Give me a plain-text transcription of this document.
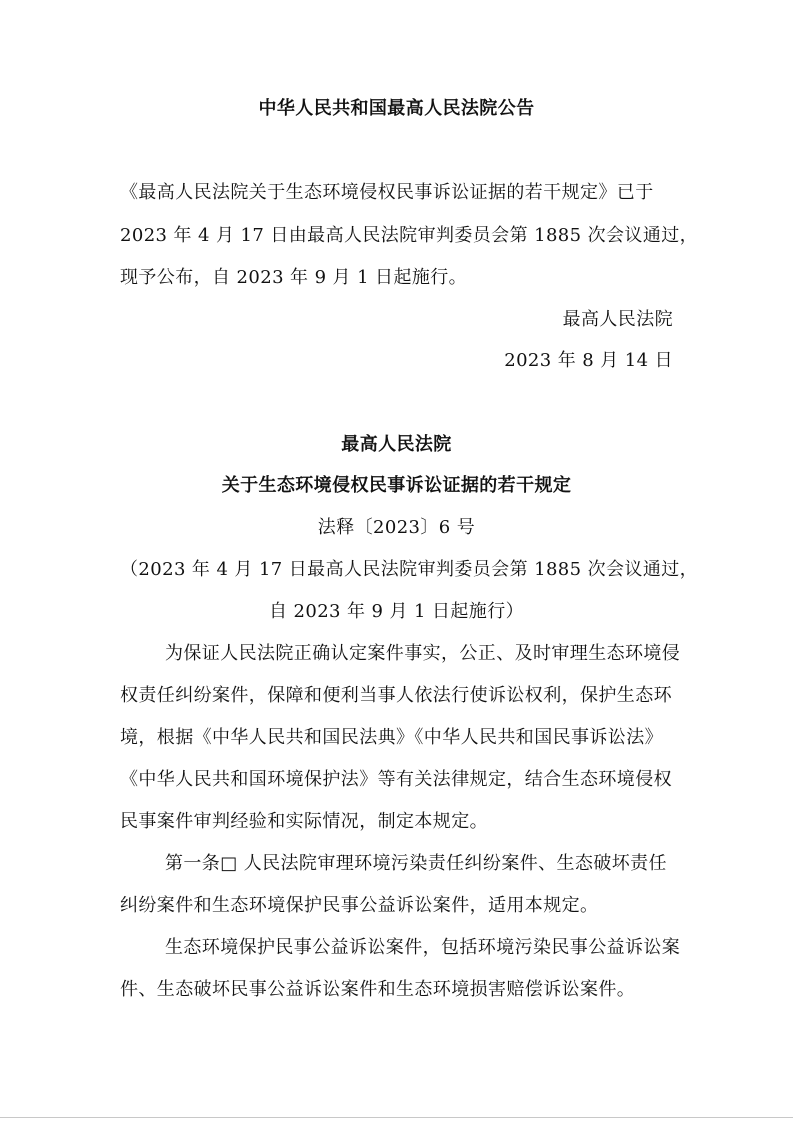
中华人民共和国最高人民法院公告
《最高人民法院关于生态环境侵权民事诉讼证据的若干规定》已于
2023 年 4 月 17 日由最高人民法院审判委员会第 1885 次会议通过，
现予公布，自 2023 年 9 月 1 日起施行。
最高人民法院
2023 年 8 月 14 日
最高人民法院
关于生态环境侵权民事诉讼证据的若干规定
法释〔2023〕6 号
（2023 年 4 月 17 日最高人民法院审判委员会第 1885 次会议通过，
自 2023 年 9 月 1 日起施行）
为保证人民法院正确认定案件事实，公正、及时审理生态环境侵
权责任纠纷案件，保障和便利当事人依法行使诉讼权利，保护生态环
境，根据《中华人民共和国民法典》《中华人民共和国民事诉讼法》
《中华人民共和国环境保护法》等有关法律规定，结合生态环境侵权
民事案件审判经验和实际情况，制定本规定。
第一条□ 人民法院审理环境污染责任纠纷案件、生态破坏责任
纠纷案件和生态环境保护民事公益诉讼案件，适用本规定。
生态环境保护民事公益诉讼案件，包括环境污染民事公益诉讼案
件、生态破坏民事公益诉讼案件和生态环境损害赔偿诉讼案件。
